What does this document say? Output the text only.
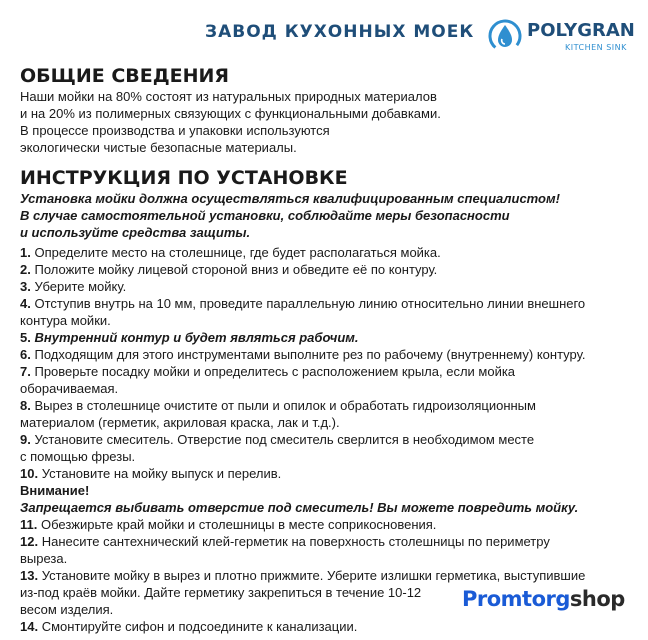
ЗАВОД КУХОННЫХ МОЕК	POLYGRAN
KITCHEN SINK
ОБЩИЕ СВЕДЕНИЯ
Наши мойки на 80% состоят из натуральных природных материалов
и на 20% из полимерных связующих с функциональными добавками.
В процессе производства и упаковки используются
экологически чистые безопасные материалы.
ИНСТРУКЦИЯ ПО УСТАНОВКЕ
Установка мойки должна осуществляться квалифицированным специалистом!
В случае самостоятельной установки, соблюдайте меры безопасности
и используйте средства защиты.
1. Определите место на столешнице, где будет располагаться мойка.
2. Положите мойку лицевой стороной вниз и обведите её по контуру.
3. Уберите мойку.
4. Отступив внутрь на 10 мм, проведите параллельную линию относительно линии внешнего
контура мойки.
5. Внутренний контур и будет являться рабочим.
6. Подходящим для этого инструментами выполните рез по рабочему (внутреннему) контуру.
7. Проверьте посадку мойки и определитесь с расположением крыла, если мойка
оборачиваемая.
8. Вырез в столешнице очистите от пыли и опилок и обработать гидроизоляционным
материалом (герметик, акриловая краска, лак и т.д.).
9. Установите смеситель. Отверстие под смеситель сверлится в необходимом месте
с помощью фрезы.
10. Установите на мойку выпуск и перелив.
Внимание!
Запрещается выбивать отверстие под смеситель! Вы можете повредить мойку.
11. Обезжирьте край мойки и столешницы в месте соприкосновения.
12. Нанесите сантехнический клей-герметик на поверхность столешницы по периметру
выреза.
13. Установите мойку в вырез и плотно прижмите. Уберите излишки герметика, выступившие
из-под краёв мойки. Дайте герметику закрепиться в течение 10-12
весом изделия.
14. Смонтируйте сифон и подсоедините к канализации.
Promtorgshop
